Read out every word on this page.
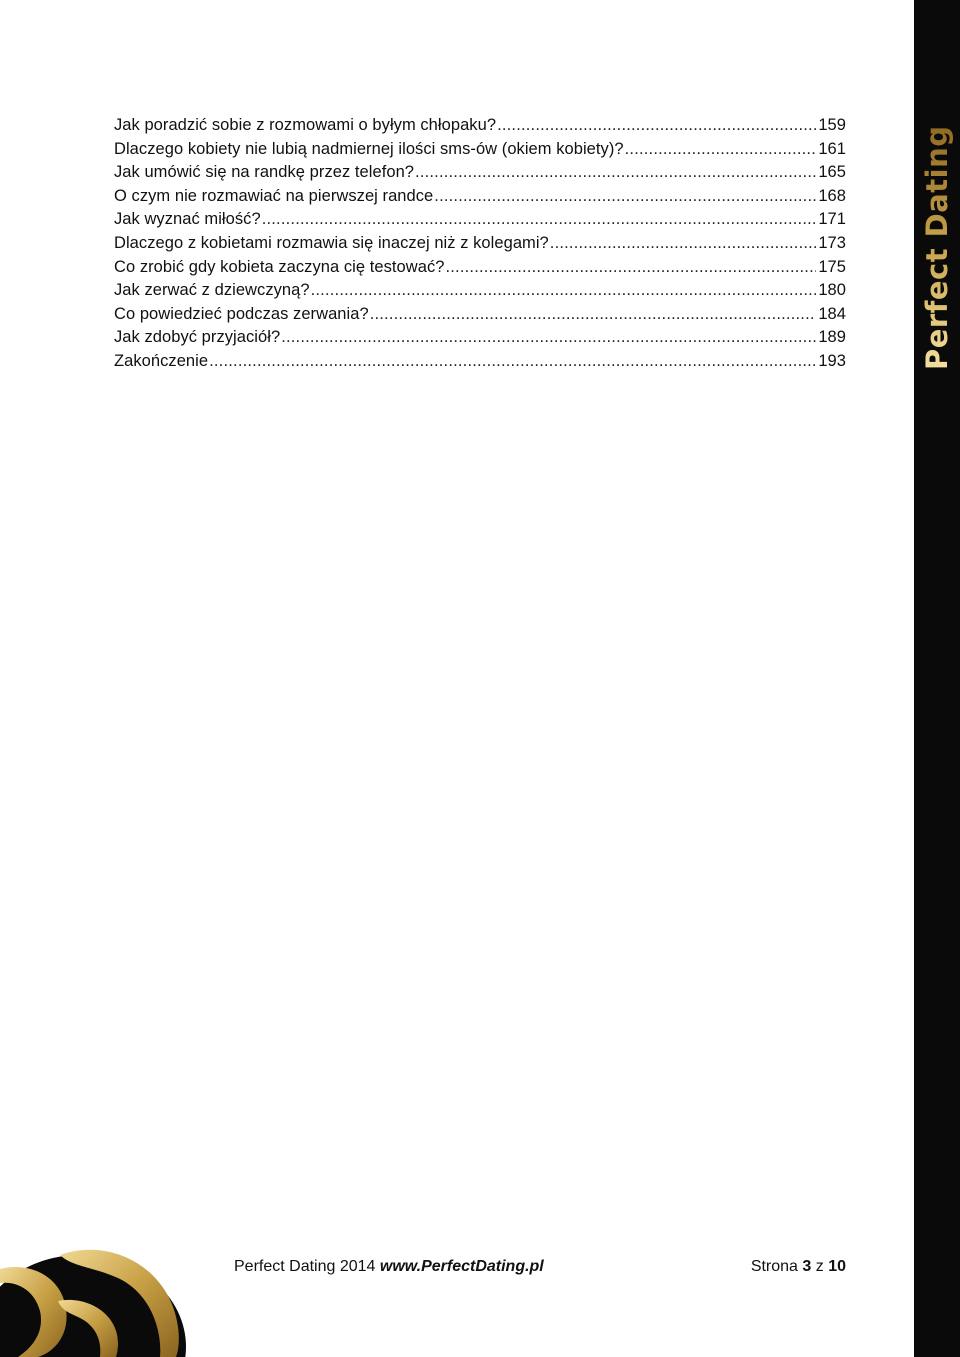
Perfect Dating
Jak poradzić sobie z rozmowami o byłym chłopaku? .....	159
Dlaczego kobiety nie lubią nadmiernej ilości sms-ów (okiem kobiety)? .....	161
Jak umówić się na randkę przez telefon? .....	165
O czym nie rozmawiać na pierwszej randce .....	168
Jak wyznać miłość? .....	171
Dlaczego z kobietami rozmawia się inaczej niż z kolegami? .....	173
Co zrobić gdy kobieta zaczyna cię testować? .....	175
Jak zerwać z dziewczyną? .....	180
Co powiedzieć podczas zerwania? .....	184
Jak zdobyć przyjaciół? .....	189
Zakończenie .....	193
Perfect Dating 2014 www.PerfectDating.pl	Strona 3 z 10
